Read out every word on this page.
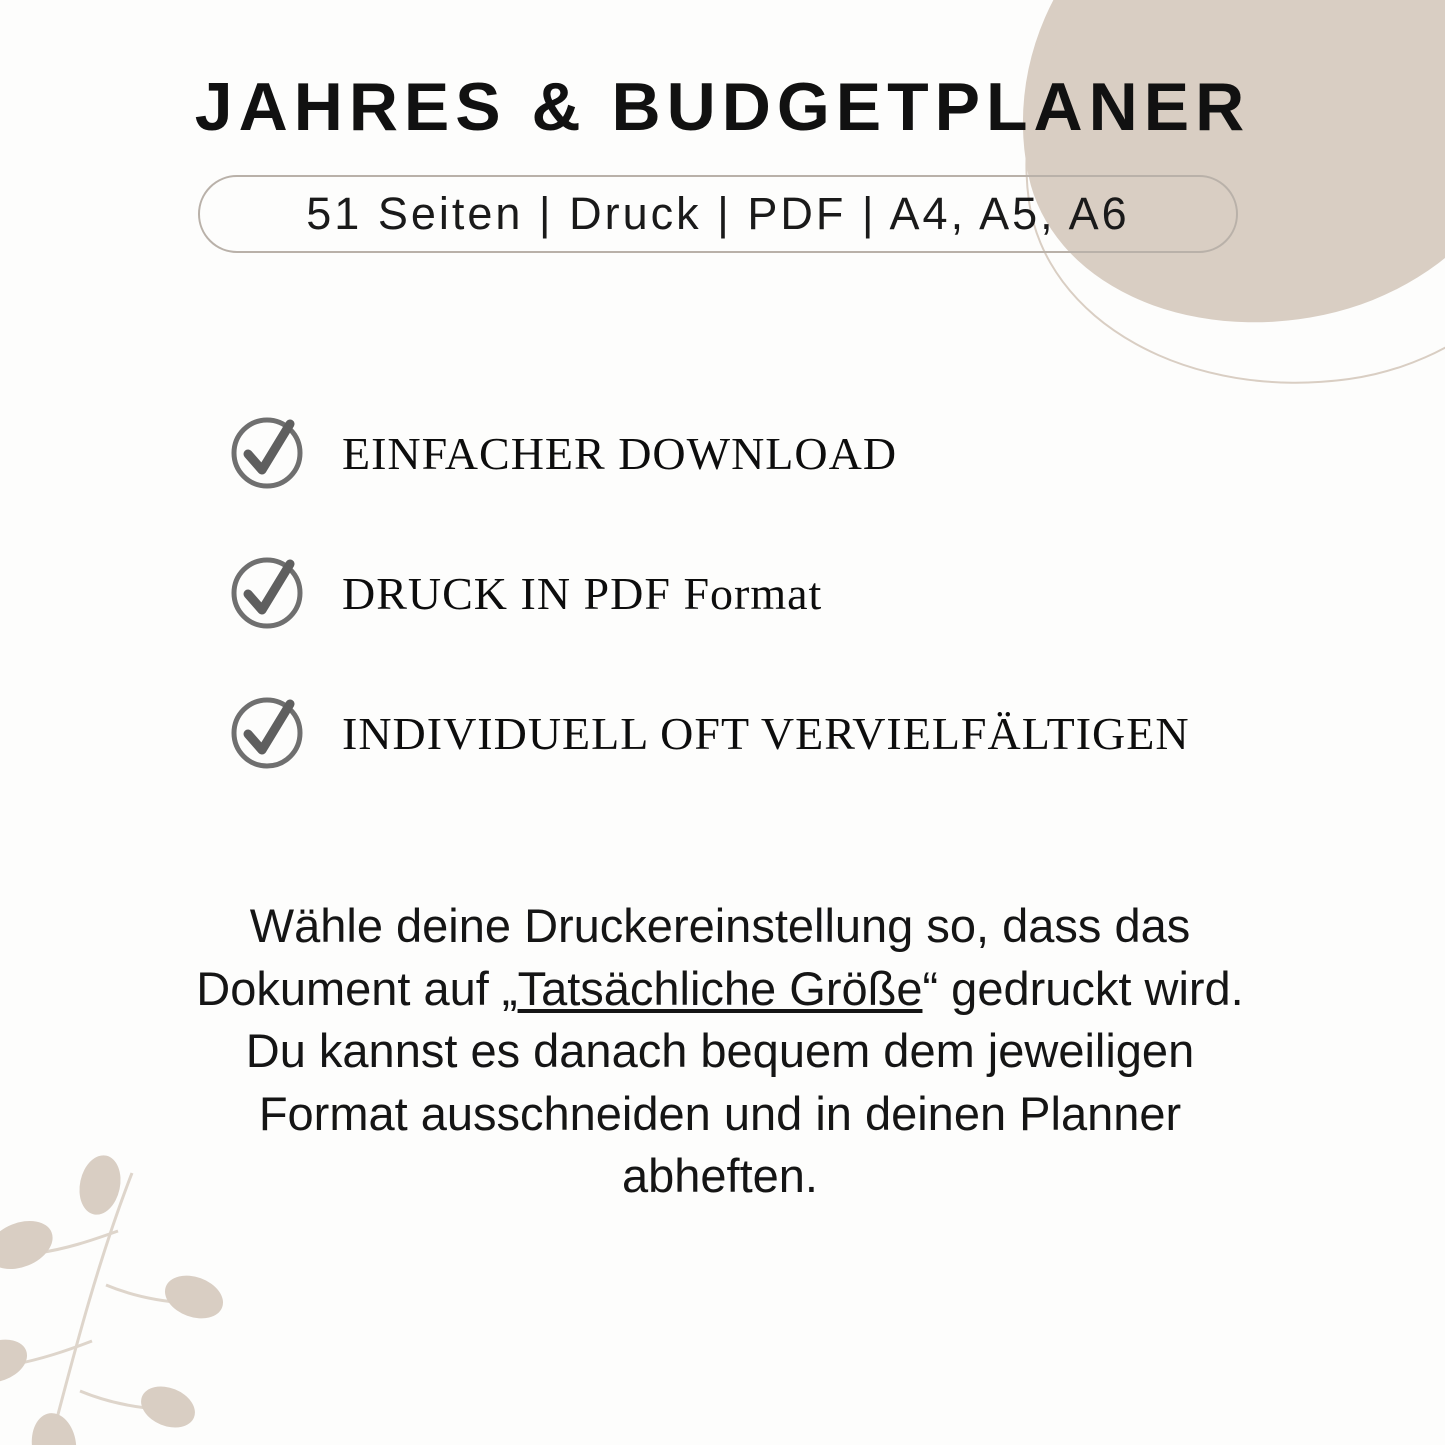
JAHRES & BUDGETPLANER
51 Seiten | Druck | PDF | A4, A5, A6
EINFACHER DOWNLOAD
DRUCK IN PDF Format
INDIVIDUELL OFT VERVIELFÄLTIGEN
Wähle deine Druckereinstellung so, dass das Dokument auf „Tatsächliche Größe“ gedruckt wird. Du kannst es danach bequem dem jeweiligen Format ausschneiden und in deinen Planner abheften.
